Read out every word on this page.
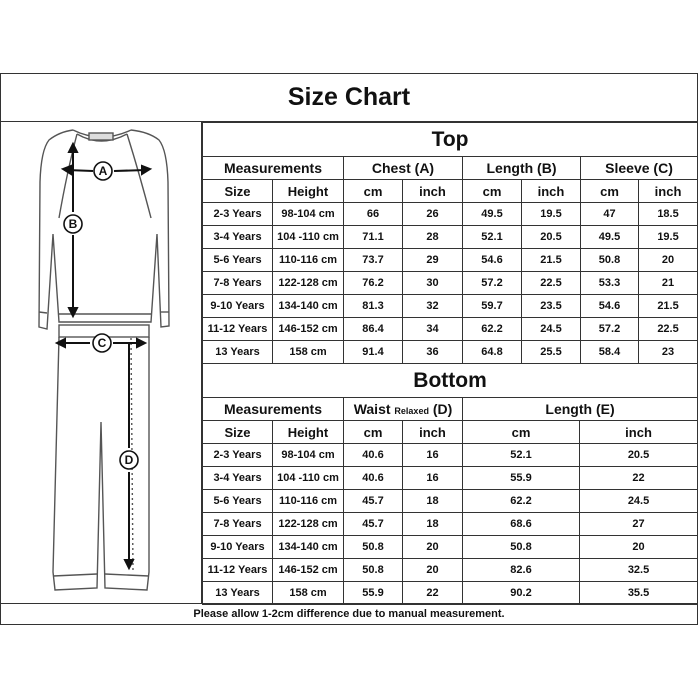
Size Chart
A
B
C
D
Top							
Measurements		Chest (A)		Length (B)		Sleeve (C)	
Size	Height	cm	inch	cm	inch	cm	inch
2-3 Years	98-104 cm	66	26	49.5	19.5	47	18.5
3-4 Years	104 -110 cm	71.1	28	52.1	20.5	49.5	19.5
5-6 Years	110-116 cm	73.7	29	54.6	21.5	50.8	20
7-8 Years	122-128 cm	76.2	30	57.2	22.5	53.3	21
9-10 Years	134-140 cm	81.3	32	59.7	23.5	54.6	21.5
11-12 Years	146-152 cm	86.4	34	62.2	24.5	57.2	22.5
13 Years	158 cm	91.4	36	64.8	25.5	58.4	23
Bottom					
Measurements		Waist Relaxed (D)		Length (E)	
Size	Height	cm	inch	cm	inch
2-3 Years	98-104 cm	40.6	16	52.1	20.5
3-4 Years	104 -110 cm	40.6	16	55.9	22
5-6 Years	110-116 cm	45.7	18	62.2	24.5
7-8 Years	122-128 cm	45.7	18	68.6	27
9-10 Years	134-140 cm	50.8	20	50.8	20
11-12 Years	146-152 cm	50.8	20	82.6	32.5
13 Years	158 cm	55.9	22	90.2	35.5
Please allow 1-2cm difference due to manual measurement.
